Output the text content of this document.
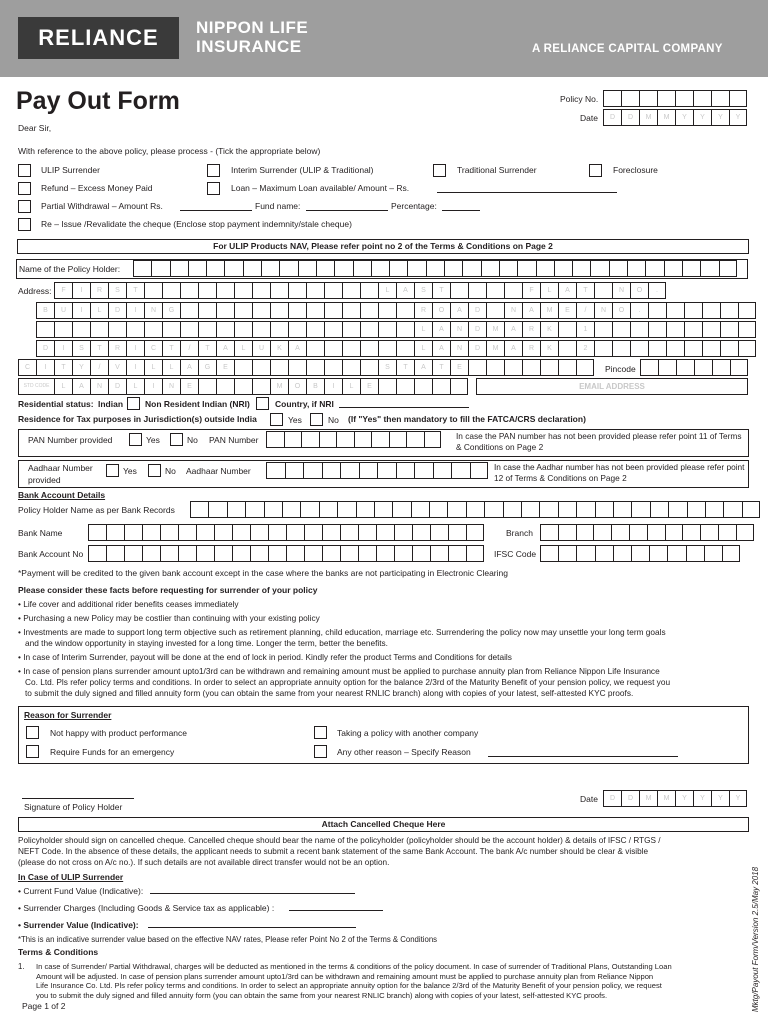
RELIANCE	NIPPON LIFE
INSURANCE	A RELIANCE CAPITAL COMPANY
Pay Out Form	Policy No.
Date	D	D	M	M	Y	Y	Y	Y
Dear Sir,
With reference to the above policy, please process - (Tick the appropriate below)
ULIP Surrender	Interim Surrender (ULIP & Traditional)	Traditional Surrender	Foreclosure
Refund – Excess Money Paid	Loan – Maximum Loan available/ Amount – Rs.
Partial Withdrawal – Amount Rs.	Fund name:	Percentage:
Re – Issue /Revalidate the cheque (Enclose stop payment indemnity/stale cheque)
For ULIP Products NAV, Please refer point no 2 of the Terms & Conditions on Page 2
Name of the Policy Holder:
Address:	F	I	R	S	T	L	A	S	T	F	L	A	T	N	O	.
B	U	I	L	D	I	N	G	R	O	A	D	N	A	M	E	/	N	O	.
L	A	N	D	M	A	R	K	1
D	I	S	T	R	I	C	T	/	T	A	L	U	K	A	L	A	N	D	M	A	R	K	2
C	I	T	Y	/	V	I	L	L	A	G	E	S	T	A	T	E	Pincode
STD CODE	L	A	N	D	L	I	N	E	M	O	B	I	L	E	EMAIL ADDRESS
Residential status: Indian	Non Resident Indian (NRI)	Country, if NRI
Residence for Tax purposes in Jurisdiction(s) outside India	Yes	No (If "Yes" then mandatory to fill the FATCA/CRS declaration)
PAN Number provided	Yes	No PAN Number	In case the PAN number has not been provided please refer point 11 of Terms & Conditions on Page 2
Aadhaar Number
provided
Yes	No Aadhaar Number	In case the Aadhar number has not been provided please refer point 12 of Terms & Conditions on Page 2
Bank Account Details
Policy Holder Name as per Bank Records
Bank Name	Branch
Bank Account No	IFSC Code
*Payment will be credited to the given bank account except in the case where the banks are not participating in Electronic Clearing
Please consider these facts before requesting for surrender of your policy
• Life cover and additional rider benefits ceases immediately
• Purchasing a new Policy may be costlier than continuing with your existing policy
• Investments are made to support long term objective such as retirement planning, child education, marriage etc. Surrendering the policy now may unsettle your long term goals
and the window opportunity in staying invested for a long time. Longer the term, better the benefits.
• In case of Interim Surrender, payout will be done at the end of lock in period. Kindly refer the product Terms and Conditions for details
• In case of pension plans surrender amount upto1/3rd can be withdrawn and remaining amount must be applied to purchase annuity plan from Reliance Nippon Life Insurance
Co. Ltd. Pls refer policy terms and conditions. In order to select an appropriate annuity option for the balance 2/3rd of the Maturity Benefit of your pension policy, we request you
to submit the duly signed and filled annuity form (you can obtain the same from your nearest RNLIC branch) along with copies of your latest, self-attested KYC proofs.
Reason for Surrender
Not happy with product performance	Taking a policy with another company
Require Funds for an emergency	Any other reason – Specify Reason
Signature of Policy Holder
Date	D	D	M	M	Y	Y	Y	Y
Attach Cancelled Cheque Here
Policyholder should sign on cancelled cheque. Cancelled cheque should bear the name of the policyholder (policyholder should be the account holder) & details of IFSC / RTGS /
NEFT Code. In the absence of these details, the applicant needs to submit a recent bank statement of the same Bank Account. The bank A/c number should be clear & visible
(please do not cross on A/c no.). If such details are not available direct transfer would not be an option.
In Case of ULIP Surrender
• Current Fund Value (Indicative):
• Surrender Charges (Including Goods & Service tax as applicable) :
• Surrender Value (Indicative):
*This is an indicative surrender value based on the effective NAV rates, Please refer Point No 2 of the Terms & Conditions
Terms & Conditions
1. In case of Surrender/ Partial Withdrawal, charges will be deducted as mentioned in the terms & conditions of the policy document. In case of surrender of Traditional Plans, Outstanding Loan
Amount will be adjusted. In case of pension plans surrender amount upto1/3rd can be withdrawn and remaining amount must be applied to purchase annuity plan from Reliance Nippon
Life Insurance Co. Ltd. Pls refer policy terms and conditions. In order to select an appropriate annuity option for the balance 2/3rd of the Maturity Benefit of your pension policy, we request
you to submit the duly signed and filled annuity form (you can obtain the same from your nearest RNLIC branch) along with copies of your latest, self-attested KYC proofs.
Page 1 of 2	Mktg/Payout Form/Version 2.5/May 2018
